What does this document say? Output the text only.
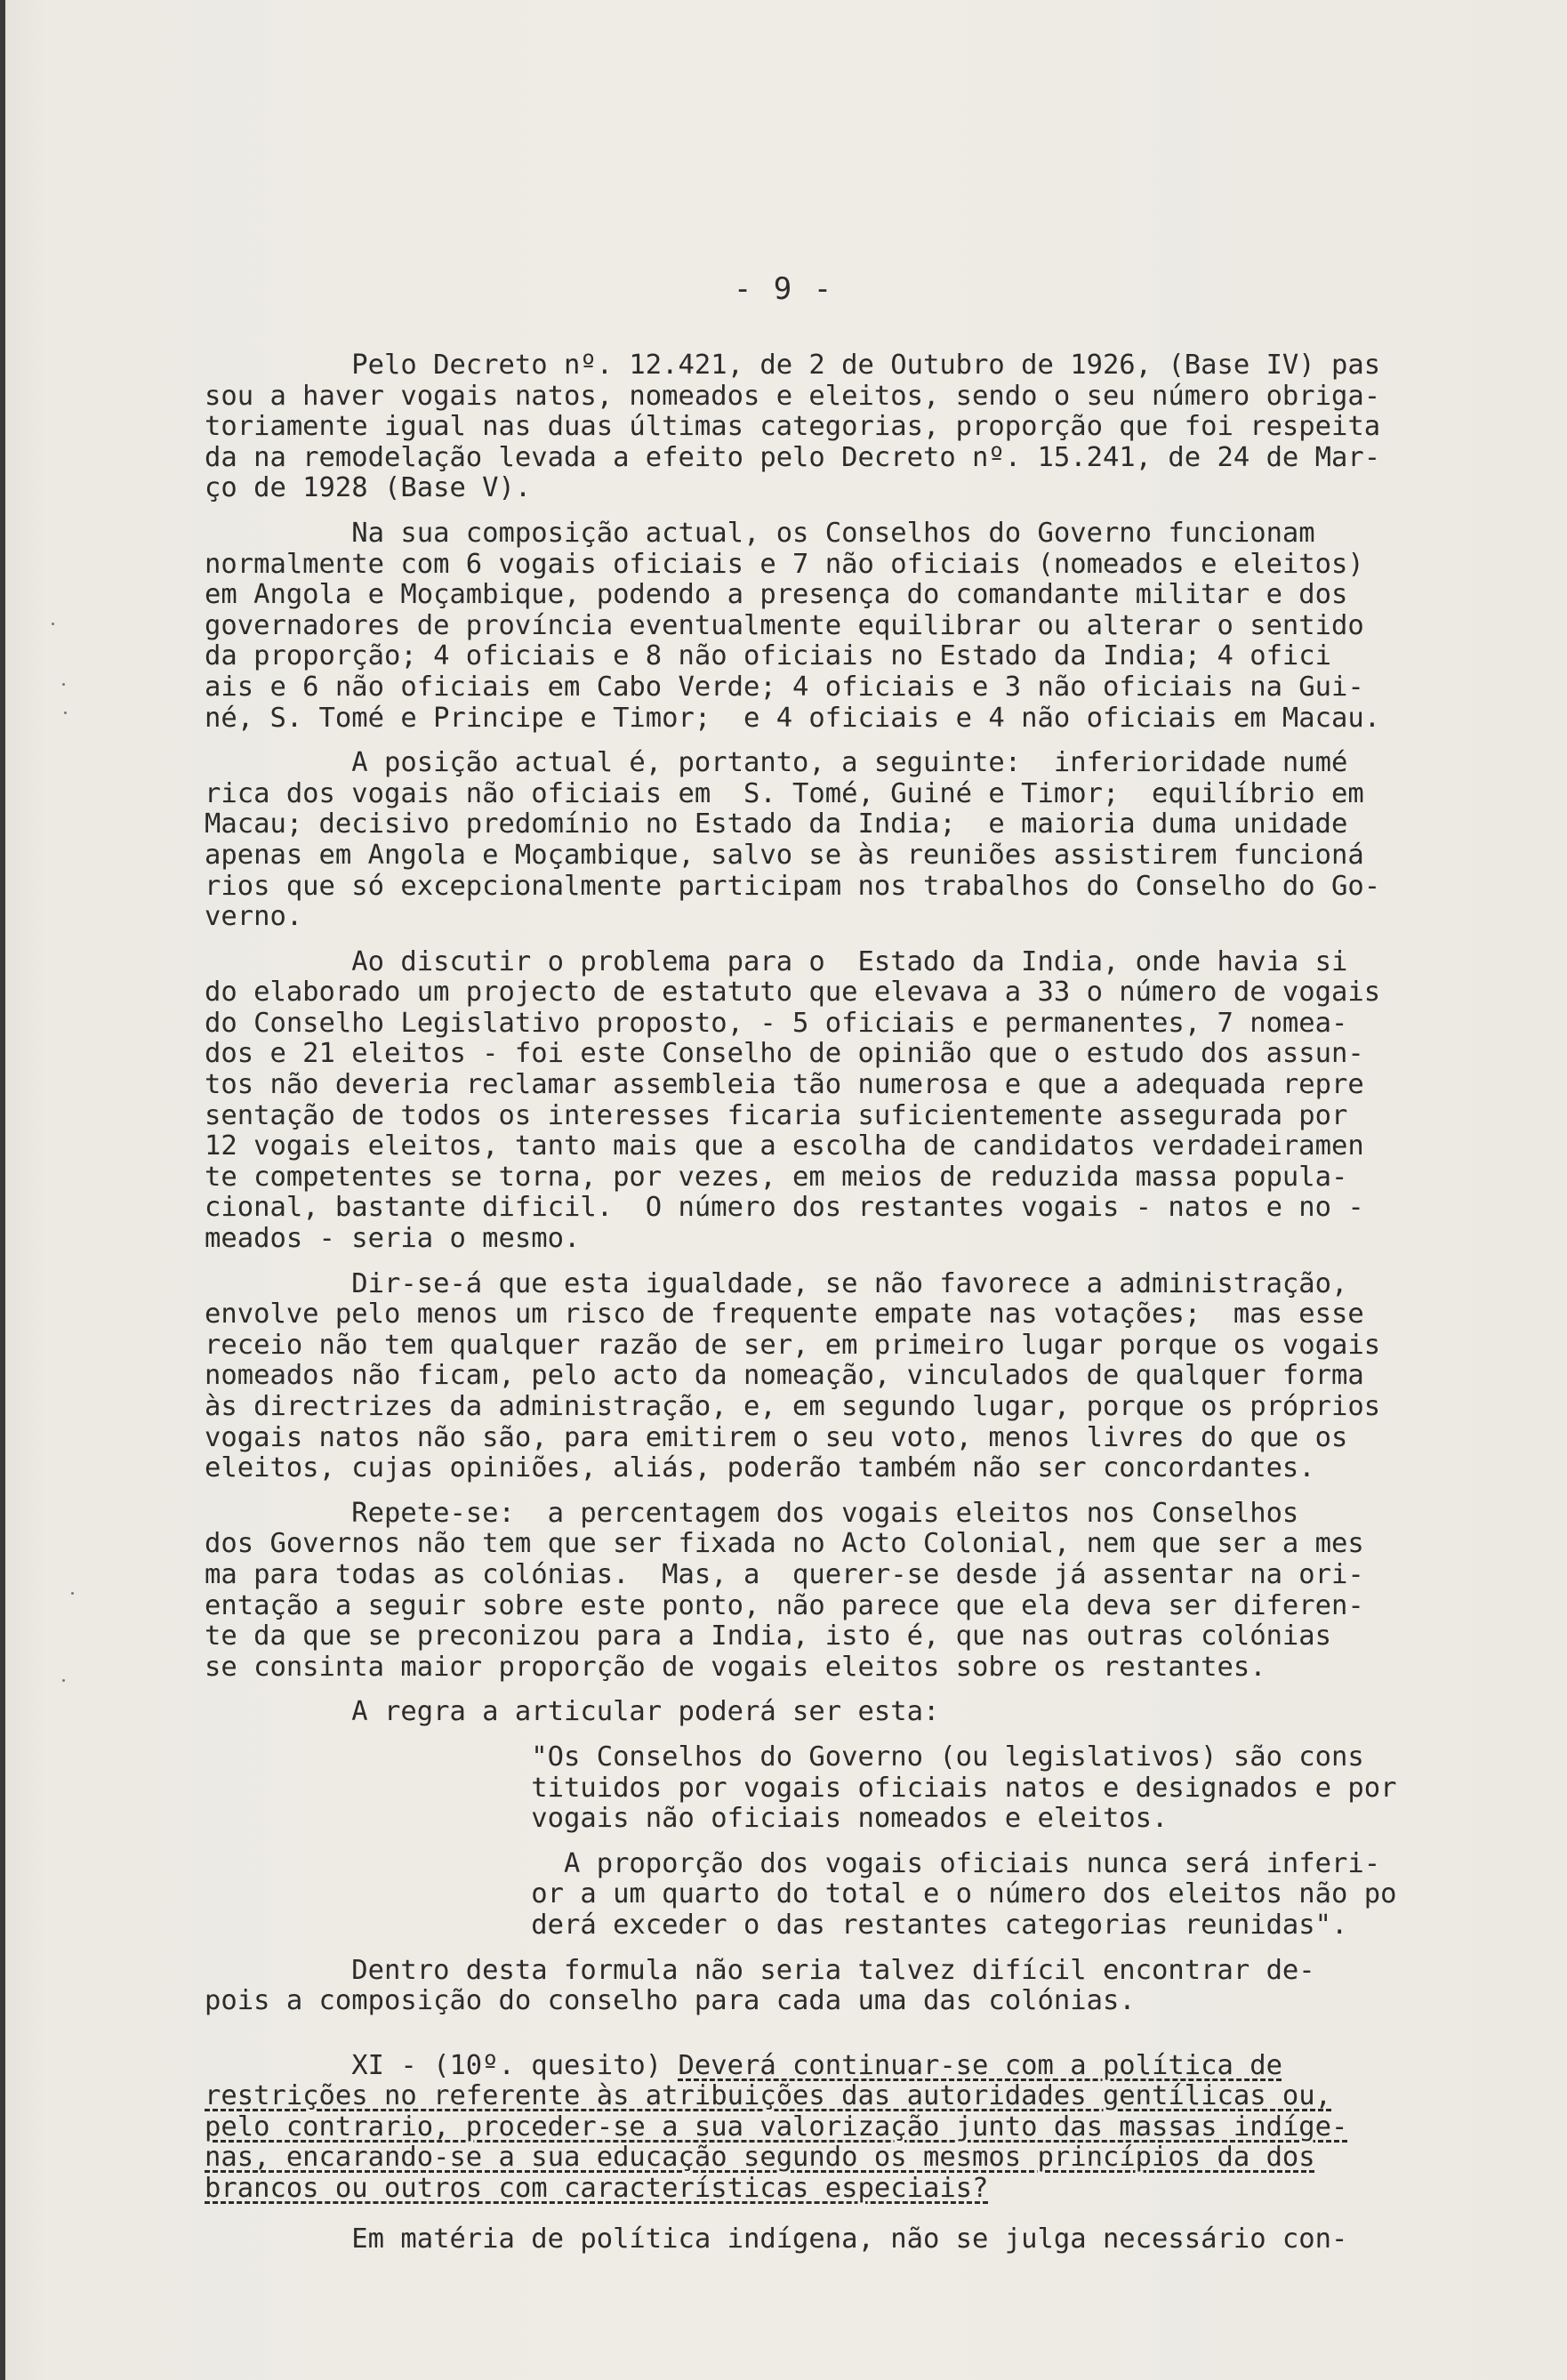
- 9 -
Pelo Decreto nº. 12.421, de 2 de Outubro de 1926, (Base IV) pas
sou a haver vogais natos, nomeados e eleitos, sendo o seu número obriga-
toriamente igual nas duas últimas categorias, proporção que foi respeita
da na remodelação levada a efeito pelo Decreto nº. 15.241, de 24 de Mar-
ço de 1928 (Base V).
Na sua composição actual, os Conselhos do Governo funcionam
normalmente com 6 vogais oficiais e 7 não oficiais (nomeados e eleitos)
em Angola e Moçambique, podendo a presença do comandante militar e dos
governadores de província eventualmente equilibrar ou alterar o sentido
da proporção; 4 oficiais e 8 não oficiais no Estado da India; 4 ofici
ais e 6 não oficiais em Cabo Verde; 4 oficiais e 3 não oficiais na Gui-
né, S. Tomé e Principe e Timor;  e 4 oficiais e 4 não oficiais em Macau.
A posição actual é, portanto, a seguinte:  inferioridade numé
rica dos vogais não oficiais em  S. Tomé, Guiné e Timor;  equilíbrio em
Macau; decisivo predomínio no Estado da India;  e maioria duma unidade
apenas em Angola e Moçambique, salvo se às reuniões assistirem funcioná
rios que só excepcionalmente participam nos trabalhos do Conselho do Go-
verno.
Ao discutir o problema para o  Estado da India, onde havia si
do elaborado um projecto de estatuto que elevava a 33 o número de vogais
do Conselho Legislativo proposto, - 5 oficiais e permanentes, 7 nomea-
dos e 21 eleitos - foi este Conselho de opinião que o estudo dos assun-
tos não deveria reclamar assembleia tão numerosa e que a adequada repre
sentação de todos os interesses ficaria suficientemente assegurada por
12 vogais eleitos, tanto mais que a escolha de candidatos verdadeiramen
te competentes se torna, por vezes, em meios de reduzida massa popula-
cional, bastante dificil.  O número dos restantes vogais - natos e no -
meados - seria o mesmo.
Dir-se-á que esta igualdade, se não favorece a administração,
envolve pelo menos um risco de frequente empate nas votações;  mas esse
receio não tem qualquer razão de ser, em primeiro lugar porque os vogais
nomeados não ficam, pelo acto da nomeação, vinculados de qualquer forma
às directrizes da administração, e, em segundo lugar, porque os próprios
vogais natos não são, para emitirem o seu voto, menos livres do que os
eleitos, cujas opiniões, aliás, poderão também não ser concordantes.
Repete-se:  a percentagem dos vogais eleitos nos Conselhos
dos Governos não tem que ser fixada no Acto Colonial, nem que ser a mes
ma para todas as colónias.  Mas, a  querer-se desde já assentar na ori-
entação a seguir sobre este ponto, não parece que ela deva ser diferen-
te da que se preconizou para a India, isto é, que nas outras colónias
se consinta maior proporção de vogais eleitos sobre os restantes.
A regra a articular poderá ser esta:
"Os Conselhos do Governo (ou legislativos) são cons
tituidos por vogais oficiais natos e designados e por
vogais não oficiais nomeados e eleitos.
A proporção dos vogais oficiais nunca será inferi-
or a um quarto do total e o número dos eleitos não po
derá exceder o das restantes categorias reunidas".
Dentro desta formula não seria talvez difícil encontrar de-
pois a composição do conselho para cada uma das colónias.
XI - (10º. quesito) Deverá continuar-se com a política de
restrições no referente às atribuições das autoridades gentílicas ou,
pelo contrario, proceder-se a sua valorização junto das massas indíge-
nas, encarando-se a sua educação segundo os mesmos princípios da dos
brancos ou outros com características especiais?
Em matéria de política indígena, não se julga necessário con-
